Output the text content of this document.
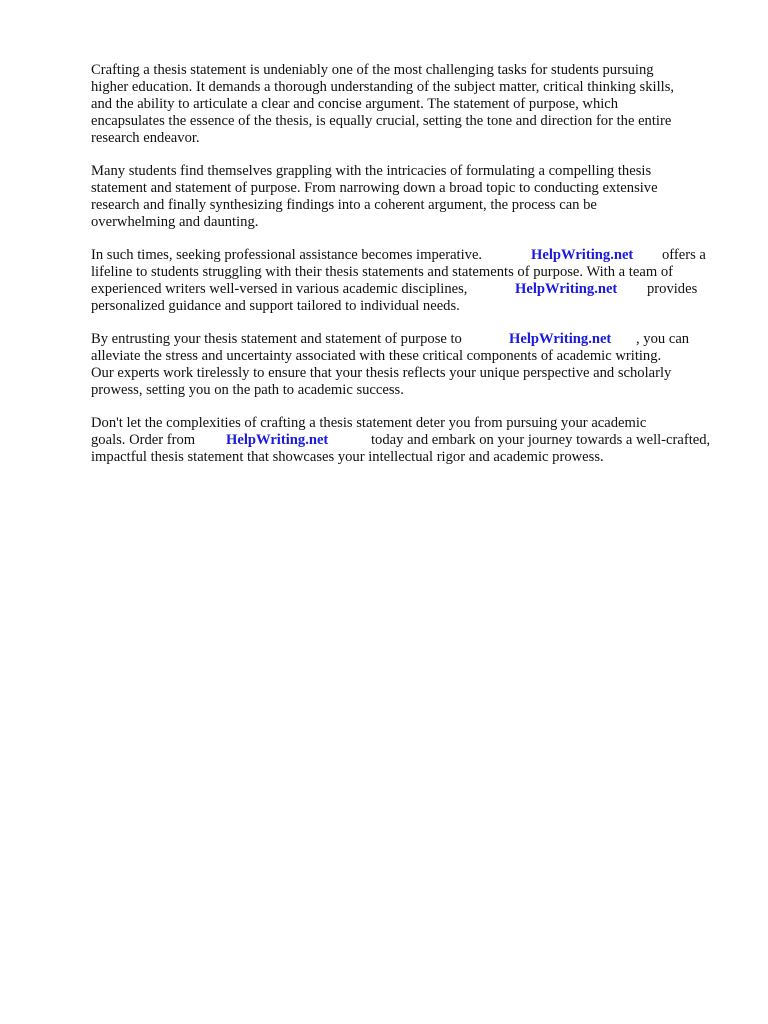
Crafting a thesis statement is undeniably one of the most challenging tasks for students pursuing
higher education. It demands a thorough understanding of the subject matter, critical thinking skills,
and the ability to articulate a clear and concise argument. The statement of purpose, which
encapsulates the essence of the thesis, is equally crucial, setting the tone and direction for the entire
research endeavor.
Many students find themselves grappling with the intricacies of formulating a compelling thesis
statement and statement of purpose. From narrowing down a broad topic to conducting extensive
research and finally synthesizing findings into a coherent argument, the process can be
overwhelming and daunting.
In such times, seeking professional assistance becomes imperative.	HelpWriting.net offers a
lifeline to students struggling with their thesis statements and statements of purpose. With a team of
experienced writers well-versed in various academic disciplines,	HelpWriting.net provides
personalized guidance and support tailored to individual needs.
By entrusting your thesis statement and statement of purpose to	HelpWriting.net , you can
alleviate the stress and uncertainty associated with these critical components of academic writing.
Our experts work tirelessly to ensure that your thesis reflects your unique perspective and scholarly
prowess, setting you on the path to academic success.
Don't let the complexities of crafting a thesis statement deter you from pursuing your academic
goals. Order from HelpWriting.net	today and embark on your journey towards a well-crafted,
impactful thesis statement that showcases your intellectual rigor and academic prowess.
